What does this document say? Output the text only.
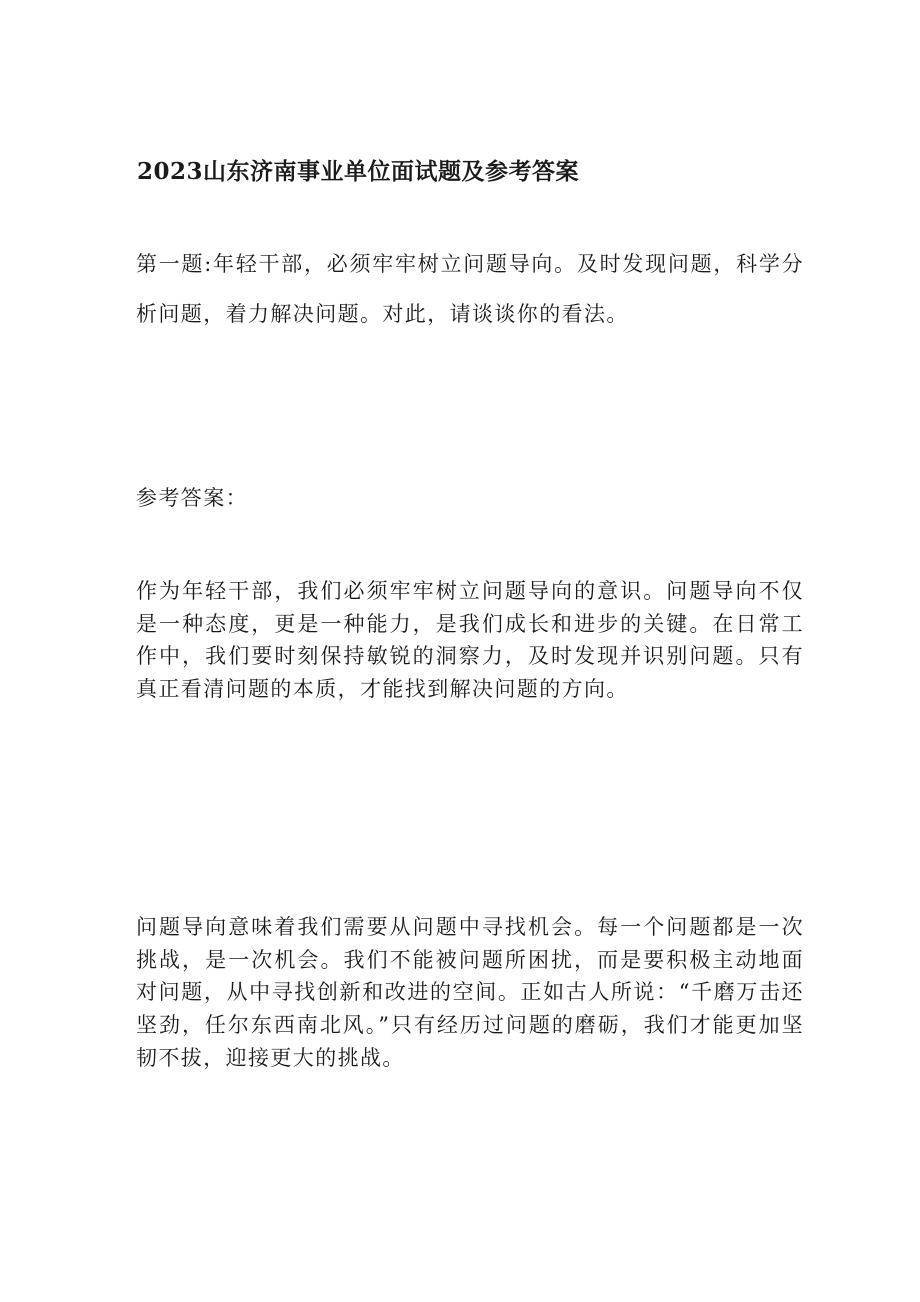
2023山东济南事业单位面试题及参考答案
第一题:年轻干部，必须牢牢树立问题导向。及时发现问题，科学分析问题，着力解决问题。对此，请谈谈你的看法。
参考答案：
作为年轻干部，我们必须牢牢树立问题导向的意识。问题导向不仅是一种态度，更是一种能力，是我们成长和进步的关键。在日常工作中，我们要时刻保持敏锐的洞察力，及时发现并识别问题。只有真正看清问题的本质，才能找到解决问题的方向。
问题导向意味着我们需要从问题中寻找机会。每一个问题都是一次挑战，是一次机会。我们不能被问题所困扰，而是要积极主动地面对问题，从中寻找创新和改进的空间。正如古人所说：“千磨万击还坚劲，任尔东西南北风。”只有经历过问题的磨砺，我们才能更加坚韧不拔，迎接更大的挑战。
